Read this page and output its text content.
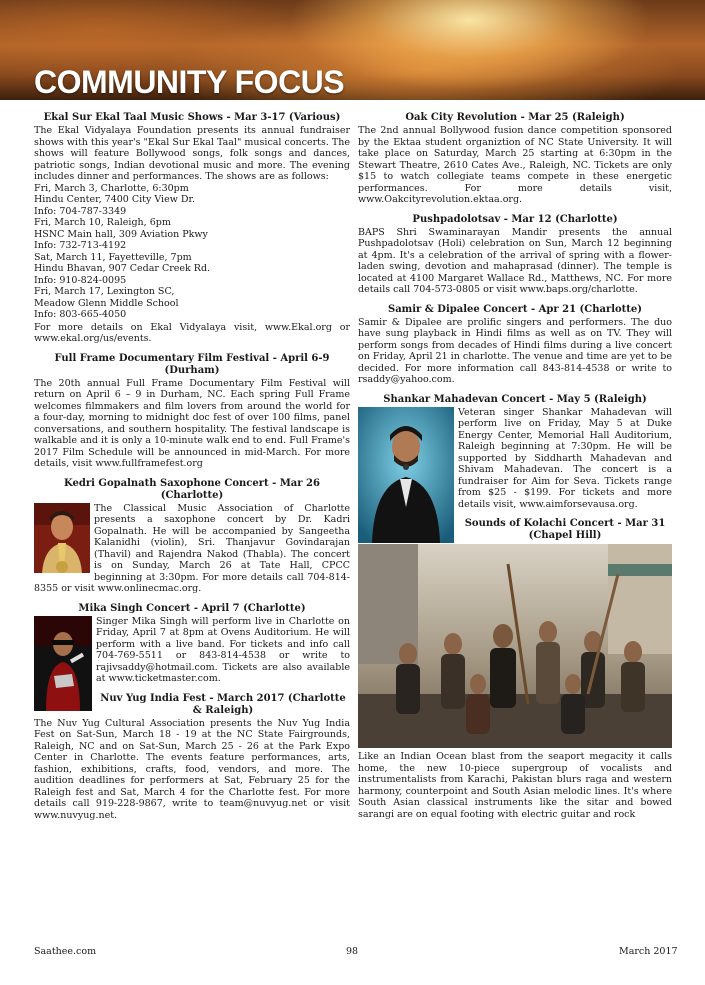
COMMUNITY FOCUS
Ekal Sur Ekal Taal Music Shows - Mar 3-17 (Various)

The Ekal Vidyalaya Foundation presents its annual fundraiser shows with this year's "Ekal Sur Ekal Taal" musical concerts. The shows will feature Bollywood songs, folk songs and dances, patriotic songs, Indian devotional music and more. The evening includes dinner and performances. The shows are as follows:

Fri, March 3, Charlotte, 6:30pm
Hindu Center, 7400 City View Dr.
Info: 704-787-3349
Fri, March 10, Raleigh, 6pm
HSNC Main hall, 309 Aviation Pkwy
Info: 732-713-4192
Sat, March 11, Fayetteville, 7pm
Hindu Bhavan, 907 Cedar Creek Rd.
Info: 910-824-0095
Fri, March 17, Lexington SC,
Meadow Glenn Middle School
Info: 803-665-4050

For more details on Ekal Vidyalaya visit, www.Ekal.org or www.ekal.org/us/events.

Full Frame Documentary Film Festival - April 6-9 (Durham)

The 20th annual Full Frame Documentary Film Festival will return on April 6 – 9 in Durham, NC. Each spring Full Frame welcomes filmmakers and film lovers from around the world for a four-day, morning to midnight doc fest of over 100 films, panel conversations, and southern hospitality. The festival landscape is walkable and it is only a 10-minute walk end to end. Full Frame's 2017 Film Schedule will be announced in mid-March. For more details, visit www.fullframefest.org

Kedri Gopalnath Saxophone Concert - Mar 26 (Charlotte)
The Classical Music Association of Charlotte presents a saxophone concert by Dr. Kadri Gopalnath. He will be accompanied by Sangeetha Kalanidhi (violin), Sri. Thanjavur Govindarajan (Thavil) and Rajendra Nakod (Thabla). The concert is on Sunday, March 26 at Tate Hall, CPCC beginning at 3:30pm. For more details call 704-814-8355 or visit www.onlinecmac.org.
Mika Singh Concert - April 7 (Charlotte)
Singer Mika Singh will perform live in Charlotte on Friday, April 7 at 8pm at Ovens Auditorium. He will perform with a live band. For tickets and info call 704-769-5511 or 843-814-4538 or write to rajivsaddy@hotmail.com. Tickets are also available at www.ticketmaster.com.
Nuv Yug India Fest - March 2017 (Charlotte & Raleigh)

The Nuv Yug Cultural Association presents the Nuv Yug India Fest on Sat-Sun, March 18 - 19 at the NC State Fairgrounds, Raleigh, NC and on Sat-Sun, March 25 - 26 at the Park Expo Center in Charlotte. The events feature performances, arts, fashion, exhibitions, crafts, food, vendors, and more. The audition deadlines for performers at Sat, February 25 for the Raleigh fest and Sat, March 4 for the Charlotte fest. For more details call 919-228-9867, write to team@nuvyug.net or visit www.nuvyug.net.

Oak City Revolution - Mar 25 (Raleigh)

The 2nd annual Bollywood fusion dance competition sponsored by the Ektaa student organiztion of NC State University. It will take place on Saturday, March 25 starting at 6:30pm in the Stewart Theatre, 2610 Cates Ave., Raleigh, NC. Tickets are only $15 to watch collegiate teams compete in these energetic performances. For more details visit, www.Oakcityrevolution.ektaa.org.

Pushpadolotsav - Mar 12 (Charlotte)

BAPS Shri Swaminarayan Mandir presents the annual Pushpadolotsav (Holi) celebration on Sun, March 12 beginning at 4pm. It's a celebration of the arrival of spring with a flower-laden swing, devotion and mahaprasad (dinner). The temple is located at 4100 Margaret Wallace Rd., Matthews, NC. For more details call 704-573-0805 or visit www.baps.org/charlotte.

Samir & Dipalee Concert - Apr 21 (Charlotte)

Samir & Dipalee are prolific singers and performers. The duo have sung playback in Hindi films as well as on TV. They will perform songs from decades of Hindi films during a live concert on Friday, April 21 in charlotte. The venue and time are yet to be decided. For more information call 843-814-4538 or write to rsaddy@yahoo.com.

Shankar Mahadevan Concert - May 5 (Raleigh)
Veteran singer Shankar Mahadevan will perform live on Friday, May 5 at Duke Energy Center, Memorial Hall Auditorium, Raleigh beginning at 7:30pm. He will be supported by Siddharth Mahadevan and Shivam Mahadevan. The concert is a fundraiser for Aim for Seva. Tickets range from $25 - $199. For tickets and more details visit, www.aimforsevausa.org.
Sounds of Kolachi Concert - Mar 31 (Chapel Hill)

Like an Indian Ocean blast from the seaport megacity it calls home, the new 10-piece supergroup of vocalists and instrumentalists from Karachi, Pakistan blurs raga and western harmony, counterpoint and South Asian melodic lines. It's where South Asian classical instruments like the sitar and bowed sarangi are on equal footing with electric guitar and rock

Saathee.com	98	March 2017
